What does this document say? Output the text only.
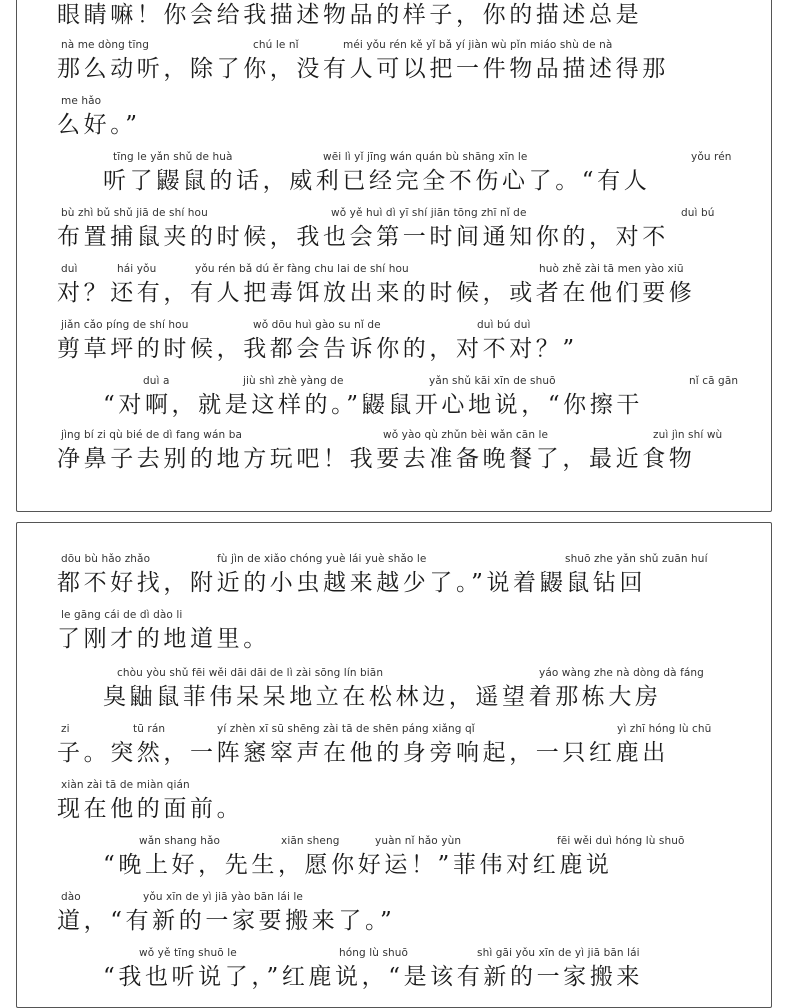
眼睛嘛！你会给我描述物品的样子，你的描述总是
nà me dòng tīng	chú le nǐ	méi yǒu rén kě yǐ bǎ yí jiàn wù pǐn miáo shù de nà
那么动听，除了你，没有人可以把一件物品描述得那
me hǎo
么好。”
tīng le yǎn shǔ de huà	wēi lì yǐ jīng wán quán bù shāng xīn le	yǒu rén
听了鼹鼠的话，威利已经完全不伤心了。“有人
bù zhì bǔ shǔ jiā de shí hou	wǒ yě huì dì yī shí jiān tōng zhī nǐ de	duì bú
布置捕鼠夹的时候，我也会第一时间通知你的，对不
duì	hái yǒu	yǒu rén bǎ dú ěr fàng chu lai de shí hou	huò zhě zài tā men yào xiū
对？还有，有人把毒饵放出来的时候，或者在他们要修
jiǎn cǎo píng de shí hou	wǒ dōu huì gào su nǐ de	duì bú duì
剪草坪的时候，我都会告诉你的，对不对？”
duì a	jiù shì zhè yàng de	yǎn shǔ kāi xīn de shuō	nǐ cā gān
“对啊，就是这样的。”鼹鼠开心地说，“你擦干
jìng bí zi qù bié de dì fang wán ba	wǒ yào qù zhǔn bèi wǎn cān le	zuì jìn shí wù
净鼻子去别的地方玩吧！我要去准备晚餐了，最近食物
dōu bù hǎo zhǎo	fù jìn de xiǎo chóng yuè lái yuè shǎo le	shuō zhe yǎn shǔ zuān huí
都不好找，附近的小虫越来越少了。”说着鼹鼠钻回
le gāng cái de dì dào li
了刚才的地道里。
chòu yòu shǔ fēi wěi dāi dāi de lì zài sōng lín biān	yáo wàng zhe nà dòng dà fáng
臭鼬鼠菲伟呆呆地立在松林边，遥望着那栋大房
zi	tū rán	yí zhèn xī sū shēng zài tā de shēn páng xiǎng qǐ	yì zhī hóng lù chū
子。突然，一阵窸窣声在他的身旁响起，一只红鹿出
xiàn zài tā de miàn qián
现在他的面前。
wǎn shang hǎo	xiān sheng	yuàn nǐ hǎo yùn	fēi wěi duì hóng lù shuō
“晚上好，先生，愿你好运！”菲伟对红鹿说
dào	yǒu xīn de yì jiā yào bān lái le
道，“有新的一家要搬来了。”
wǒ yě tīng shuō le	hóng lù shuō	shì gāi yǒu xīn de yì jiā bān lái
“我也听说了，”红鹿说，“是该有新的一家搬来
